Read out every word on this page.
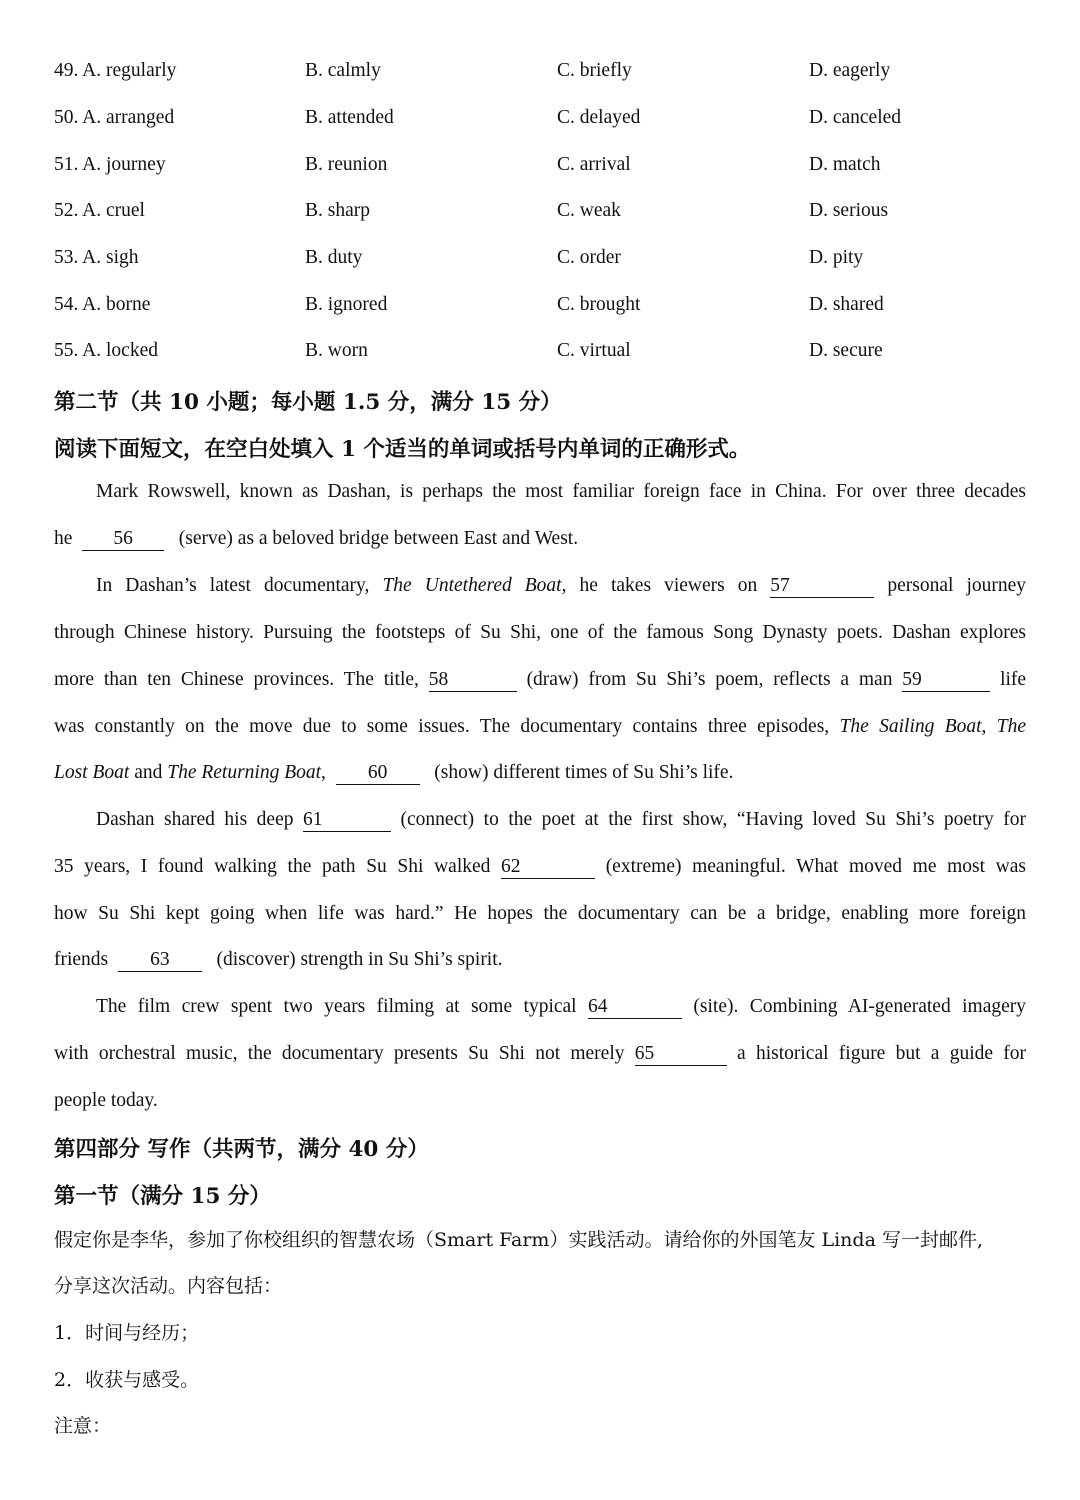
49. A. regularly	B. calmly	C. briefly	D. eagerly
50. A. arranged	B. attended	C. delayed	D. canceled
51. A. journey	B. reunion	C. arrival	D. match
52. A. cruel	B. sharp	C. weak	D. serious
53. A. sigh	B. duty	C. order	D. pity
54. A. borne	B. ignored	C. brought	D. shared
55. A. locked	B. worn	C. virtual	D. secure
第二节（共 10 小题；每小题 1.5 分，满分 15 分）
阅读下面短文，在空白处填入 1 个适当的单词或括号内单词的正确形式。
Mark Rowswell, known as Dashan, is perhaps the most familiar foreign face in China. For over three decades
he 56 (serve) as a beloved bridge between East and West.
In Dashan’s latest documentary, The Untethered Boat, he takes viewers on 57	personal journey
through Chinese history. Pursuing the footsteps of Su Shi, one of the famous Song Dynasty poets. Dashan explores
more than ten Chinese provinces. The title, 58	(draw) from Su Shi’s poem, reflects a man 59	life
was constantly on the move due to some issues. The documentary contains three episodes, The Sailing Boat, The
Lost Boat and The Returning Boat, 60 (show) different times of Su Shi’s life.
Dashan shared his deep 61	(connect) to the poet at the first show, “Having loved Su Shi’s poetry for
35 years, I found walking the path Su Shi walked 62	(extreme) meaningful. What moved me most was
how Su Shi kept going when life was hard.” He hopes the documentary can be a bridge, enabling more foreign
friends 63 (discover) strength in Su Shi’s spirit.
The film crew spent two years filming at some typical 64	(site). Combining AI-generated imagery
with orchestral music, the documentary presents Su Shi not merely 65	a historical figure but a guide for
people today.
第四部分 写作（共两节，满分 40 分）
第一节（满分 15 分）
假定你是李华，参加了你校组织的智慧农场（Smart Farm）实践活动。请给你的外国笔友 Linda 写一封邮件,
分享这次活动。内容包括：
1．时间与经历；
2．收获与感受。
注意：
